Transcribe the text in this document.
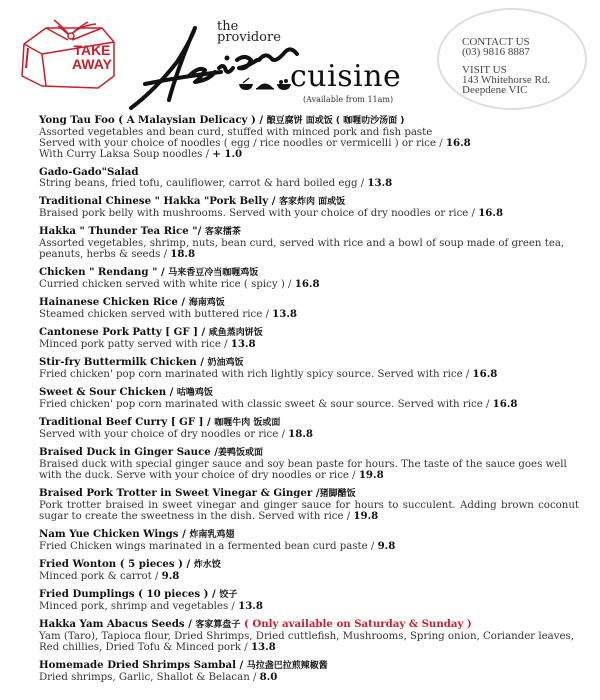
TAKE
AWAY
the
providore
cuisine
(Available from 11am)
CONTACT US
(03) 9816 8887
VISIT US
143 Whitehorse Rd.
Deepdene VIC
Yong Tau Foo ( A Malaysian Delicacy ) / 酿豆腐饼 面或饭 ( 咖喱叻沙汤面 )
Assorted vegetables and bean curd, stuffed with minced pork and fish paste
Served with your choice of noodles ( egg / rice noodles or vermicelli ) or rice / 16.8
With Curry Laksa Soup noodles / + 1.0
Gado-Gado"Salad
String beans, fried tofu, cauliflower, carrot & hard boiled egg / 13.8
Traditional Chinese " Hakka "Pork Belly / 客家炸肉 面或饭
Braised pork belly with mushrooms. Served with your choice of dry noodles or rice / 16.8
Hakka " Thunder Tea Rice "/ 客家擂茶
Assorted vegetables, shrimp, nuts, bean curd, served with rice and a bowl of soup made of green tea, peanuts, herbs & seeds / 18.8
Chicken " Rendang " / 马来香豆冷当咖喱鸡饭
Curried chicken served with white rice ( spicy ) / 16.8
Hainanese Chicken Rice / 海南鸡饭
Steamed chicken served with buttered rice / 13.8
Cantonese Pork Patty [ GF ] / 咸鱼蒸肉饼饭
Minced pork patty served with rice / 13.8
Stir-fry Buttermilk Chicken / 奶油鸡饭
Fried chicken' pop corn marinated with rich lightly spicy source. Served with rice / 16.8
Sweet & Sour Chicken / 咕噜鸡饭
Fried chicken' pop corn marinated with classic sweet & sour source. Served with rice / 16.8
Traditional Beef Curry [ GF ] / 咖喱牛肉 饭或面
Served with your choice of dry noodles or rice / 18.8
Braised Duck in Ginger Sauce /姜鸭饭或面
Braised duck with special ginger sauce and soy bean paste for hours. The taste of the sauce goes well with the duck. Serve with your choice of dry noodles or rice / 19.8
Braised Pork Trotter in Sweet Vinegar & Ginger /猪脚醋饭
Pork trotter braised in sweet vinegar and ginger sauce for hours to succulent. Adding brown coconut sugar to create the sweetness in the dish. Served with rice / 19.8
Nam Yue Chicken Wings / 炸南乳鸡翅
Fried Chicken wings marinated in a fermented bean curd paste / 9.8
Fried Wonton ( 5 pieces ) / 炸水饺
Minced pork & carrot / 9.8
Fried Dumplings ( 10 pieces ) / 饺子
Minced pork, shrimp and vegetables / 13.8
Hakka Yam Abacus Seeds / 客家算盘子 ( Only available on Saturday & Sunday )
Yam (Taro), Tapioca flour, Dried Shrimps, Dried cuttlefish, Mushrooms, Spring onion, Coriander leaves, Red chillies, Dried Tofu & Minced pork / 13.8
Homemade Dried Shrimps Sambal / 马拉盏巴拉煎辣椒酱
Dried shrimps, Garlic, Shallot & Belacan / 8.0
